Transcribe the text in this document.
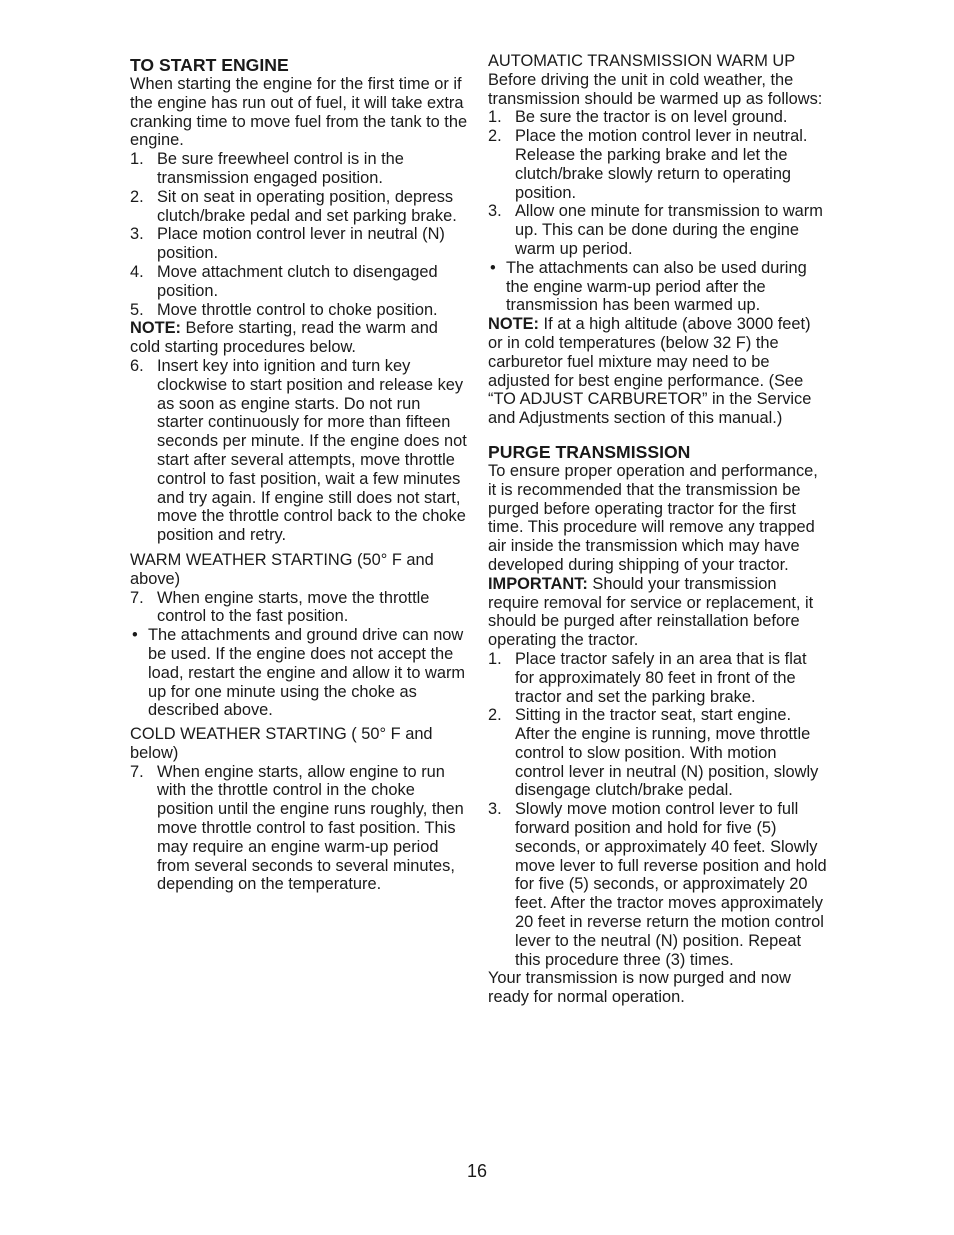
TO START ENGINE

When starting the engine for the first time or if the engine has run out of fuel, it will take extra cranking time to move fuel from the tank to the engine.

1. Be sure freewheel control is in the transmission engaged position.
2. Sit on seat in operating position, depress clutch/brake pedal and set parking brake.
3. Place motion control lever in neutral (N) position.
4. Move attachment clutch to disengaged position.
5. Move throttle control to choke position.

NOTE: Before starting, read the warm and cold starting procedures below.

6. Insert key into ignition and turn key clockwise to start position and release key as soon as engine starts. Do not run starter continuously for more than fifteen seconds per minute. If the engine does not start after several attempts, move throttle control to fast position, wait a few minutes and try again. If engine still does not start, move the throttle control back to the choke position and retry.

WARM WEATHER STARTING (50° F and above)

7. When engine starts, move the throttle control to the fast position.
• The attachments and ground drive can now be used. If the engine does not accept the load, restart the engine and allow it to warm up for one minute using the choke as described above.

COLD WEATHER STARTING ( 50° F and below)

7. When engine starts, allow engine to run with the throttle control in the choke position until the engine runs roughly, then move throttle control to fast position. This may require an engine warm-up period from several seconds to several minutes, depending on the temperature.

AUTOMATIC TRANSMISSION WARM UP

Before driving the unit in cold weather, the transmission should be warmed up as follows:

1. Be sure the tractor is on level ground.
2. Place the motion control lever in neutral. Release the parking brake and let the clutch/brake slowly return to operating position.
3. Allow one minute for transmission to warm up. This can be done during the engine warm up period.
• The attachments can also be used during the engine warm-up period after the transmission has been warmed up.

NOTE: If at a high altitude (above 3000 feet) or in cold temperatures (below 32 F) the carburetor fuel mixture may need to be adjusted for best engine performance. (See “TO ADJUST CARBURETOR” in the Service and Adjustments section of this manual.)

PURGE TRANSMISSION

To ensure proper operation and performance, it is recommended that the transmission be purged before operating tractor for the first time. This procedure will remove any trapped air inside the transmission which may have developed during shipping of your tractor.

IMPORTANT: Should your transmission require removal for service or replacement, it should be purged after reinstallation before operating the tractor.

1. Place tractor safely in an area that is flat for approximately 80 feet in front of the tractor and set the parking brake.
2. Sitting in the tractor seat, start engine. After the engine is running, move throttle control to slow position. With motion control lever in neutral (N) position, slowly disengage clutch/brake pedal.
3. Slowly move motion control lever to full forward position and hold for five (5) seconds, or approximately 40 feet. Slowly move lever to full reverse position and hold for five (5) seconds, or approximately 20 feet. After the tractor moves approximately 20 feet in reverse return the motion control lever to the neutral (N) position. Repeat this procedure three (3) times.

Your transmission is now purged and now ready for normal operation.

16
